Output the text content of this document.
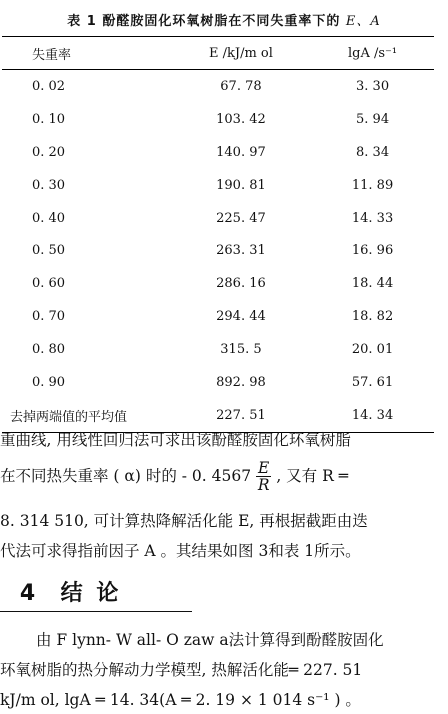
表 1 酚醛胺固化环氧树脂在不同失重率下的 E、A
失重率	E /kJ/m ol	lgA /s⁻¹
0. 02	67. 78	3. 30
0. 10	103. 42	5. 94
0. 20	140. 97	8. 34
0. 30	190. 81	11. 89
0. 40	225. 47	14. 33
0. 50	263. 31	16. 96
0. 60	286. 16	18. 44
0. 70	294. 44	18. 82
0. 80	315. 5	20. 01
0. 90	892. 98	57. 61
去掉两端值的平均值	227. 51	14. 34
重曲线, 用线性回归法可求出该酚醛胺固化环氧树脂
在不同热失重率 ( α) 时的 - 0. $4567 \frac{E}{R}$ , 又有 R ═
8. 314 510, 可计算热降解活化能 E, 再根据截距由迭
代法可求得指前因子 A 。其结果如图 3和表 1所示。
4 结 论
由 F lynn- W all- O zaw a法计算得到酚醛胺固化
环氧树脂的热分解动力学模型, 热解活化能═ 227. 51
kJ/m ol, lgA ═ 14. 34(A ═ 2. 19 × 1 014 s⁻¹ ) 。
